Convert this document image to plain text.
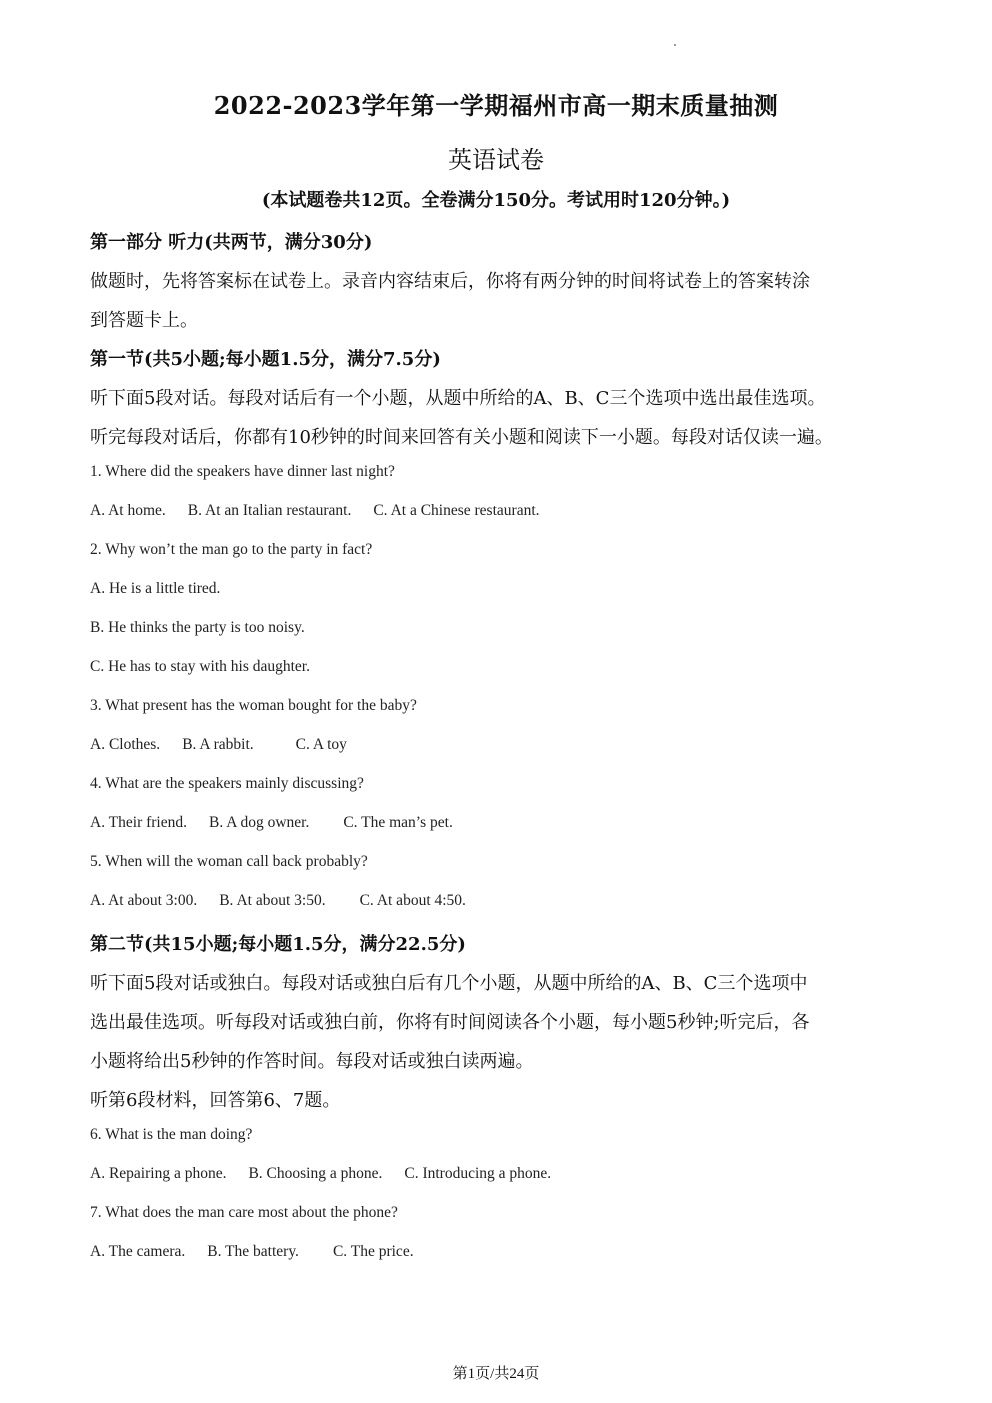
2022-2023学年第一学期福州市高一期末质量抽测
英语试卷
(本试题卷共12页。全卷满分150分。考试用时120分钟。)
第一部分 听力(共两节，满分30分)
做题时，先将答案标在试卷上。录音内容结束后，你将有两分钟的时间将试卷上的答案转涂
到答题卡上。
第一节(共5小题;每小题1.5分，满分7.5分)
听下面5段对话。每段对话后有一个小题，从题中所给的A、B、C三个选项中选出最佳选项。
听完每段对话后，你都有10秒钟的时间来回答有关小题和阅读下一小题。每段对话仅读一遍。
1. Where did the speakers have dinner last night?
A. At home. B. At an Italian restaurant. C. At a Chinese restaurant.
2. Why won’t the man go to the party in fact?
A. He is a little tired.
B. He thinks the party is too noisy.
C. He has to stay with his daughter.
3. What present has the woman bought for the baby?
A. Clothes. B. A rabbit.	C. A toy
4. What are the speakers mainly discussing?
A. Their friend. B. A dog owner. C. The man’s pet.
5. When will the woman call back probably?
A. At about 3:00. B. At about 3:50. C. At about 4:50.
第二节(共15小题;每小题1.5分，满分22.5分)
听下面5段对话或独白。每段对话或独白后有几个小题，从题中所给的A、B、C三个选项中
选出最佳选项。听每段对话或独白前，你将有时间阅读各个小题，每小题5秒钟;听完后，各
小题将给出5秒钟的作答时间。每段对话或独白读两遍。
听第6段材料，回答第6、7题。
6. What is the man doing?
A. Repairing a phone. B. Choosing a phone. C. Introducing a phone.
7. What does the man care most about the phone?
A. The camera. B. The battery. C. The price.
第1页/共24页
